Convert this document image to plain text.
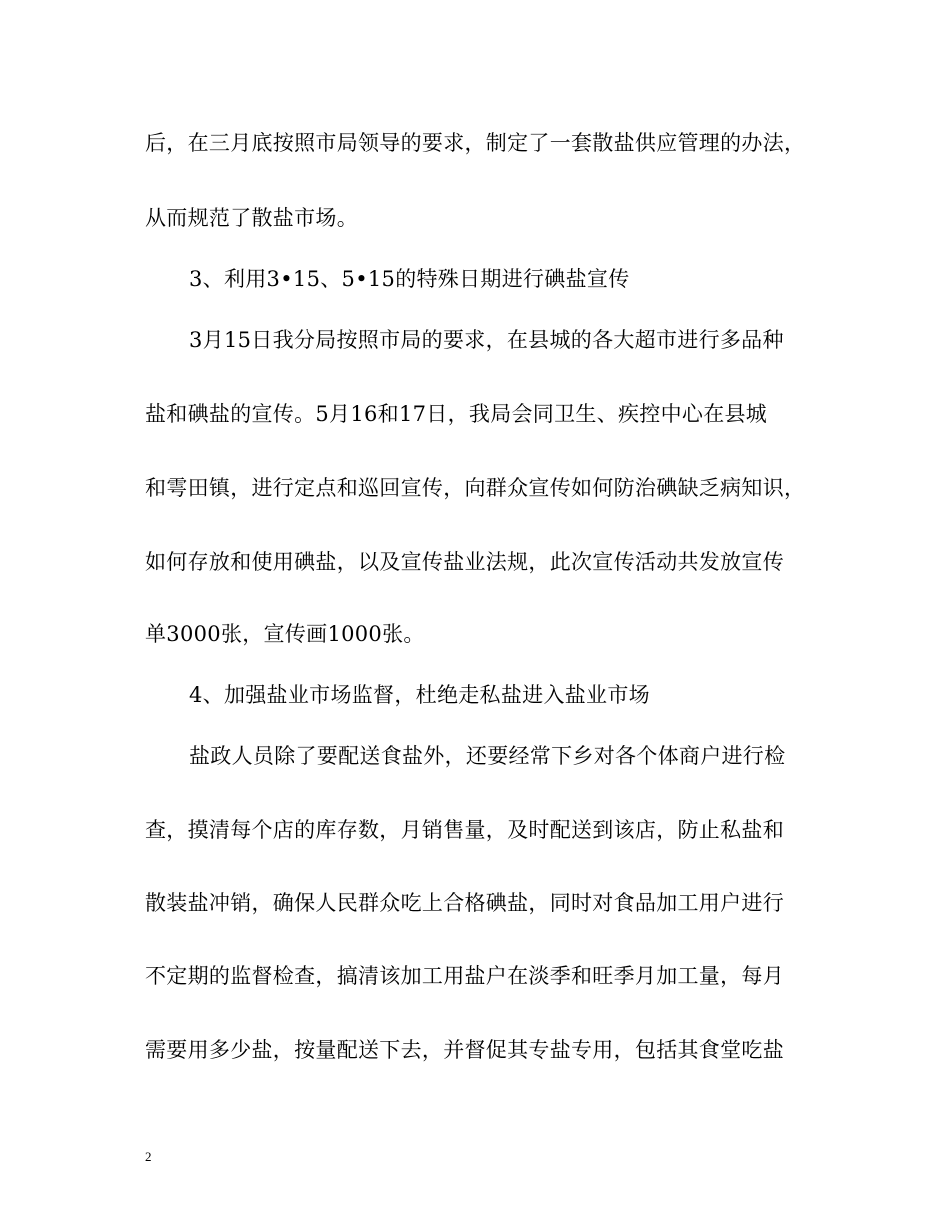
后，在三月底按照市局领导的要求，制定了一套散盐供应管理的办法，
从而规范了散盐市场。
3、利用3•15、5•15的特殊日期进行碘盐宣传
3月15日我分局按照市局的要求，在县城的各大超市进行多品种
盐和碘盐的宣传。5月16和17日，我局会同卫生、疾控中心在县城
和雩田镇，进行定点和巡回宣传，向群众宣传如何防治碘缺乏病知识，
如何存放和使用碘盐，以及宣传盐业法规，此次宣传活动共发放宣传
单3000张，宣传画1000张。
4、加强盐业市场监督，杜绝走私盐进入盐业市场
盐政人员除了要配送食盐外，还要经常下乡对各个体商户进行检
查，摸清每个店的库存数，月销售量，及时配送到该店，防止私盐和
散装盐冲销，确保人民群众吃上合格碘盐，同时对食品加工用户进行
不定期的监督检查，搞清该加工用盐户在淡季和旺季月加工量，每月
需要用多少盐，按量配送下去，并督促其专盐专用，包括其食堂吃盐
2
